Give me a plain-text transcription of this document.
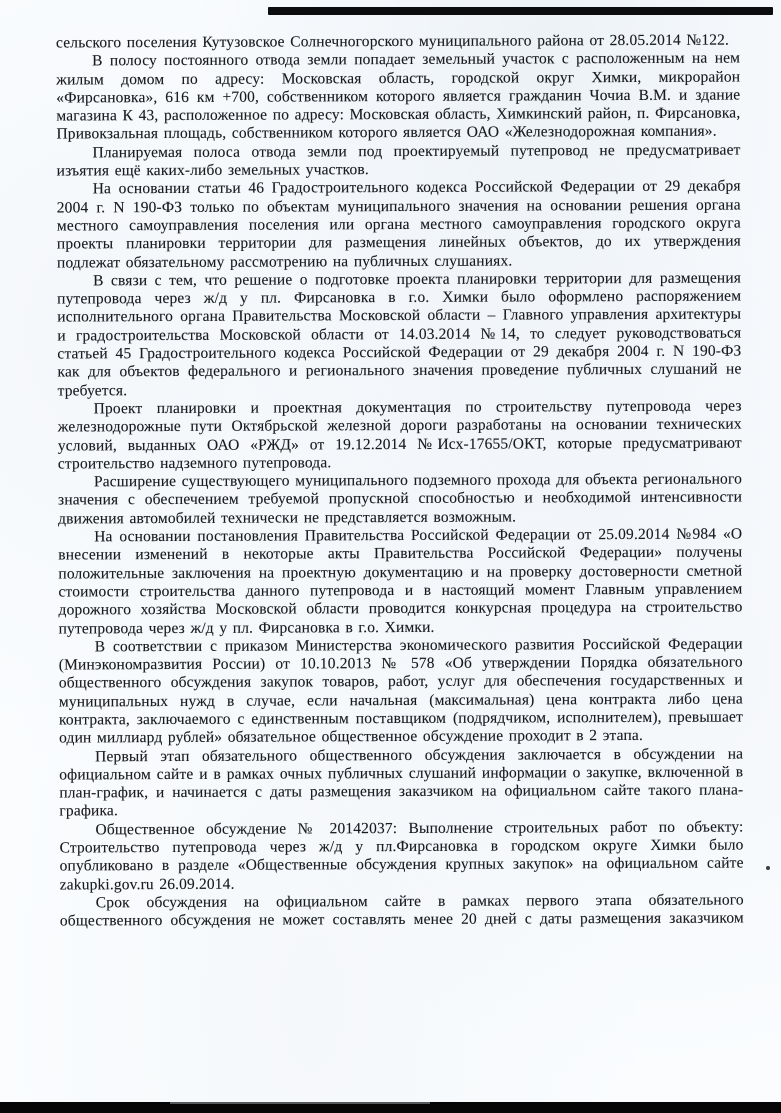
сельского поселения Кутузовское Солнечногорского муниципального района от 28.05.2014 №122.

В полосу постоянного отвода земли попадает земельный участок с расположенным на нем жилым домом по адресу: Московская область, городской округ Химки, микрорайон «Фирсановка», 616 км +700, собственником которого является гражданин Чочиа В.М. и здание магазина К 43, расположенное по адресу: Московская область, Химкинский район, п. Фирсановка, Привокзальная площадь, собственником которого является ОАО «Железнодорожная компания».

Планируемая полоса отвода земли под проектируемый путепровод не предусматривает изъятия ещё каких-либо земельных участков.

На основании статьи 46 Градостроительного кодекса Российской Федерации от 29 декабря 2004 г. N 190-ФЗ только по объектам муниципального значения на основании решения органа местного самоуправления поселения или органа местного самоуправления городского округа проекты планировки территории для размещения линейных объектов, до их утверждения подлежат обязательному рассмотрению на публичных слушаниях.

В связи с тем, что решение о подготовке проекта планировки территории для размещения путепровода через ж/д у пл. Фирсановка в г.о. Химки было оформлено распоряжением исполнительного органа Правительства Московской области – Главного управления архитектуры и градостроительства Московской области от 14.03.2014 №14, то следует руководствоваться статьей 45 Градостроительного кодекса Российской Федерации от 29 декабря 2004 г. N 190-ФЗ как для объектов федерального и регионального значения проведение публичных слушаний не требуется.

Проект планировки и проектная документация по строительству путепровода через железнодорожные пути Октябрьской железной дороги разработаны на основании технических условий, выданных ОАО «РЖД» от 19.12.2014 №Исх-17655/ОКТ, которые предусматривают строительство надземного путепровода.

Расширение существующего муниципального подземного прохода для объекта регионального значения с обеспечением требуемой пропускной способностью и необходимой интенсивности движения автомобилей технически не представляется возможным.

На основании постановления Правительства Российской Федерации от 25.09.2014 №984 «О внесении изменений в некоторые акты Правительства Российской Федерации» получены положительные заключения на проектную документацию и на проверку достоверности сметной стоимости строительства данного путепровода и в настоящий момент Главным управлением дорожного хозяйства Московской области проводится конкурсная процедура на строительство путепровода через ж/д у пл. Фирсановка в г.о. Химки.

В соответствии с приказом Министерства экономического развития Российской Федерации (Минэкономразвития России) от 10.10.2013 № 578 «Об утверждении Порядка обязательного общественного обсуждения закупок товаров, работ, услуг для обеспечения государственных и муниципальных нужд в случае, если начальная (максимальная) цена контракта либо цена контракта, заключаемого с единственным поставщиком (подрядчиком, исполнителем), превышает один миллиард рублей» обязательное общественное обсуждение проходит в 2 этапа.

Первый этап обязательного общественного обсуждения заключается в обсуждении на официальном сайте и в рамках очных публичных слушаний информации о закупке, включенной в план-график, и начинается с даты размещения заказчиком на официальном сайте такого плана-графика.

Общественное обсуждение № 20142037: Выполнение строительных работ по объекту: Строительство путепровода через ж/д у пл.Фирсановка в городском округе Химки было опубликовано в разделе «Общественные обсуждения крупных закупок» на официальном сайте zakupki.gov.ru 26.09.2014.

Срок обсуждения на официальном сайте в рамках первого этапа обязательного общественного обсуждения не может составлять менее 20 дней с даты размещения заказчиком
